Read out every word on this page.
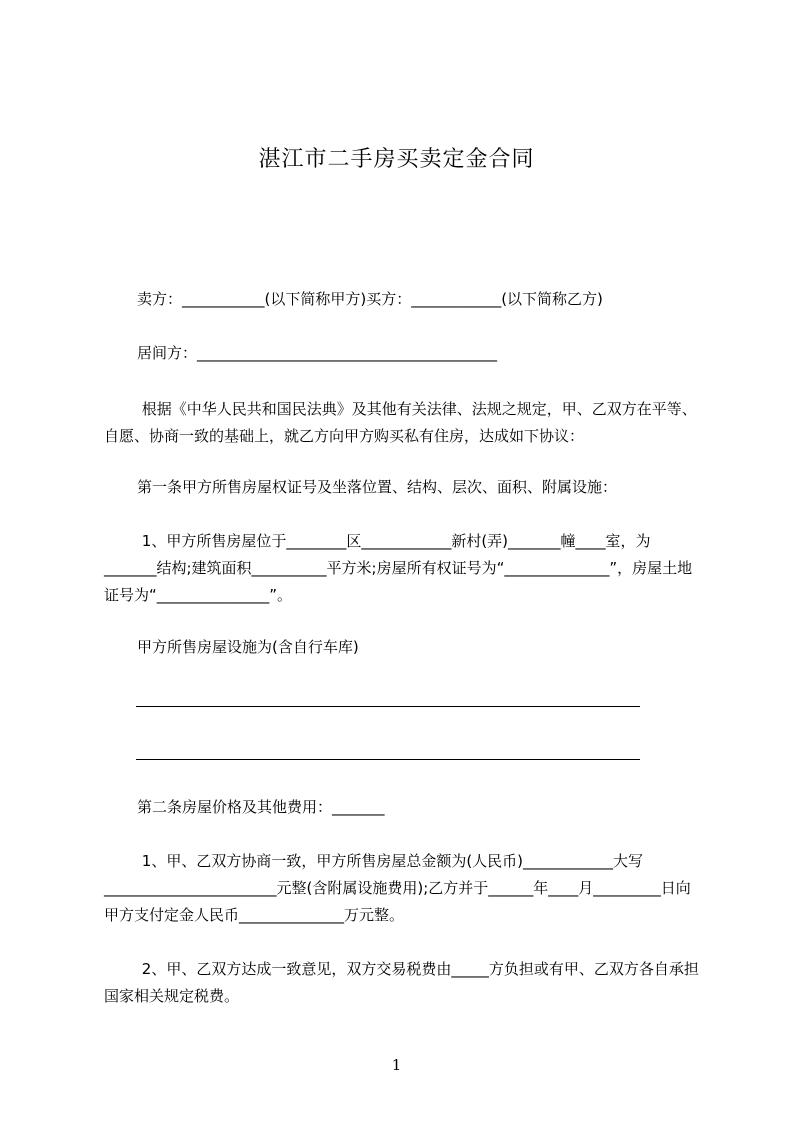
湛江市二手房买卖定金合同

卖方：___________(以下简称甲方)买方：____________(以下简称乙方)

居间方：________________________________________

根据《中华人民共和国民法典》及其他有关法律、法规之规定，甲、乙双方在平等、自愿、协商一致的基础上，就乙方向甲方购买私有住房，达成如下协议：

第一条甲方所售房屋权证号及坐落位置、结构、层次、面积、附属设施：

1、甲方所售房屋位于________区____________新村(弄)_______幢____室，为_______结构;建筑面积__________平方米;房屋所有权证号为“______________”，房屋土地证号为“_______________”。

甲方所售房屋设施为(含自行车库)

第二条房屋价格及其他费用：_______

1、甲、乙双方协商一致，甲方所售房屋总金额为(人民币)____________大写_______________________元整(含附属设施费用);乙方并于______年____月_________日向甲方支付定金人民币______________万元整。

2、甲、乙双方达成一致意见，双方交易税费由_____方负担或有甲、乙双方各自承担国家相关规定税费。

1
